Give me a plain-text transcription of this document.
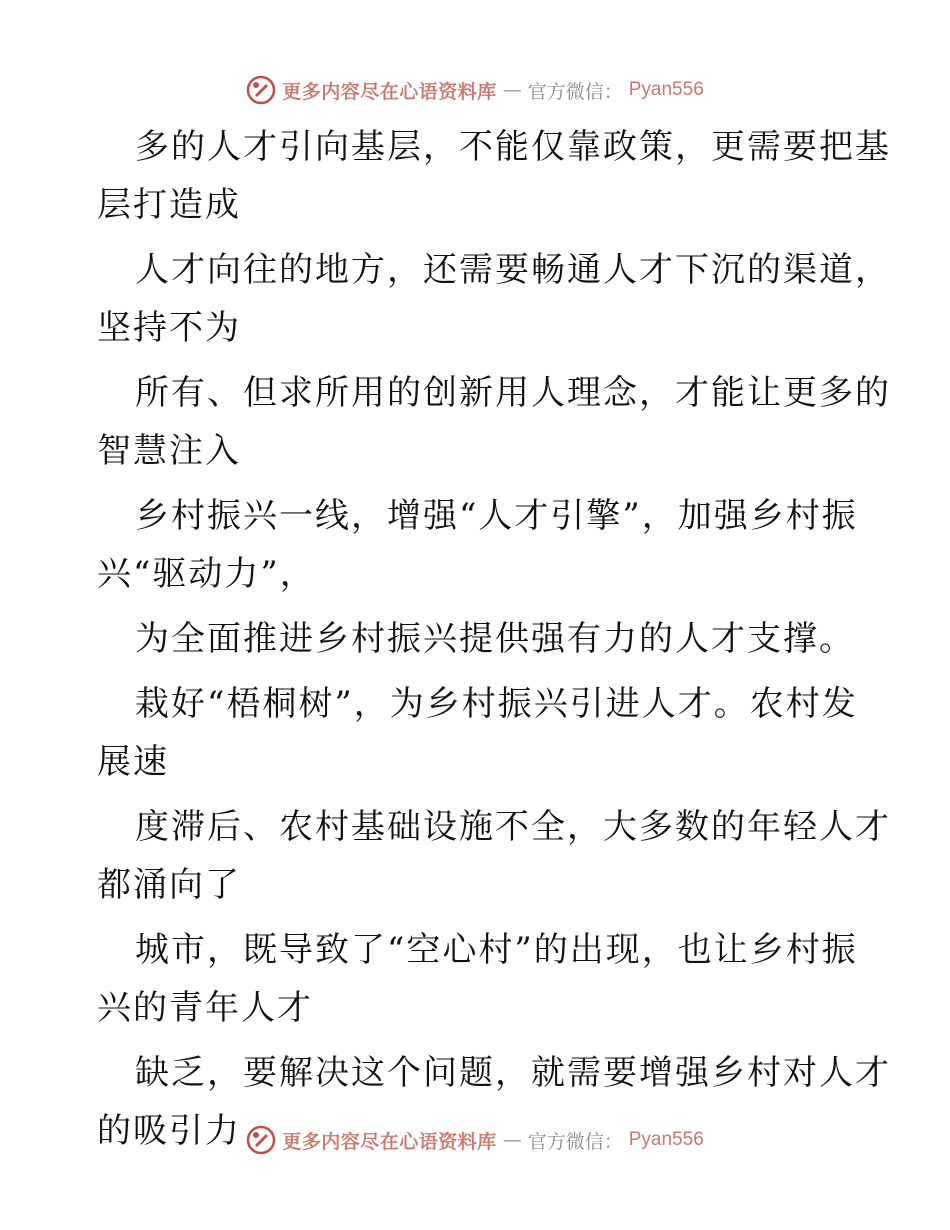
更多内容尽在心语资料库 — 官方微信： Pyan556
多的人才引向基层，不能仅靠政策，更需要把基
层打造成
人才向往的地方，还需要畅通人才下沉的渠道，
坚持不为
所有、但求所用的创新用人理念，才能让更多的
智慧注入
乡村振兴一线，增强“人才引擎”，加强乡村振
兴“驱动力”，
为全面推进乡村振兴提供强有力的人才支撑。
栽好“梧桐树”，为乡村振兴引进人才。农村发
展速
度滞后、农村基础设施不全，大多数的年轻人才
都涌向了
城市，既导致了“空心村”的出现，也让乡村振
兴的青年人才
缺乏，要解决这个问题，就需要增强乡村对人才
的吸引力	更多内容尽在心语资料库 — 官方微信： Pyan556
